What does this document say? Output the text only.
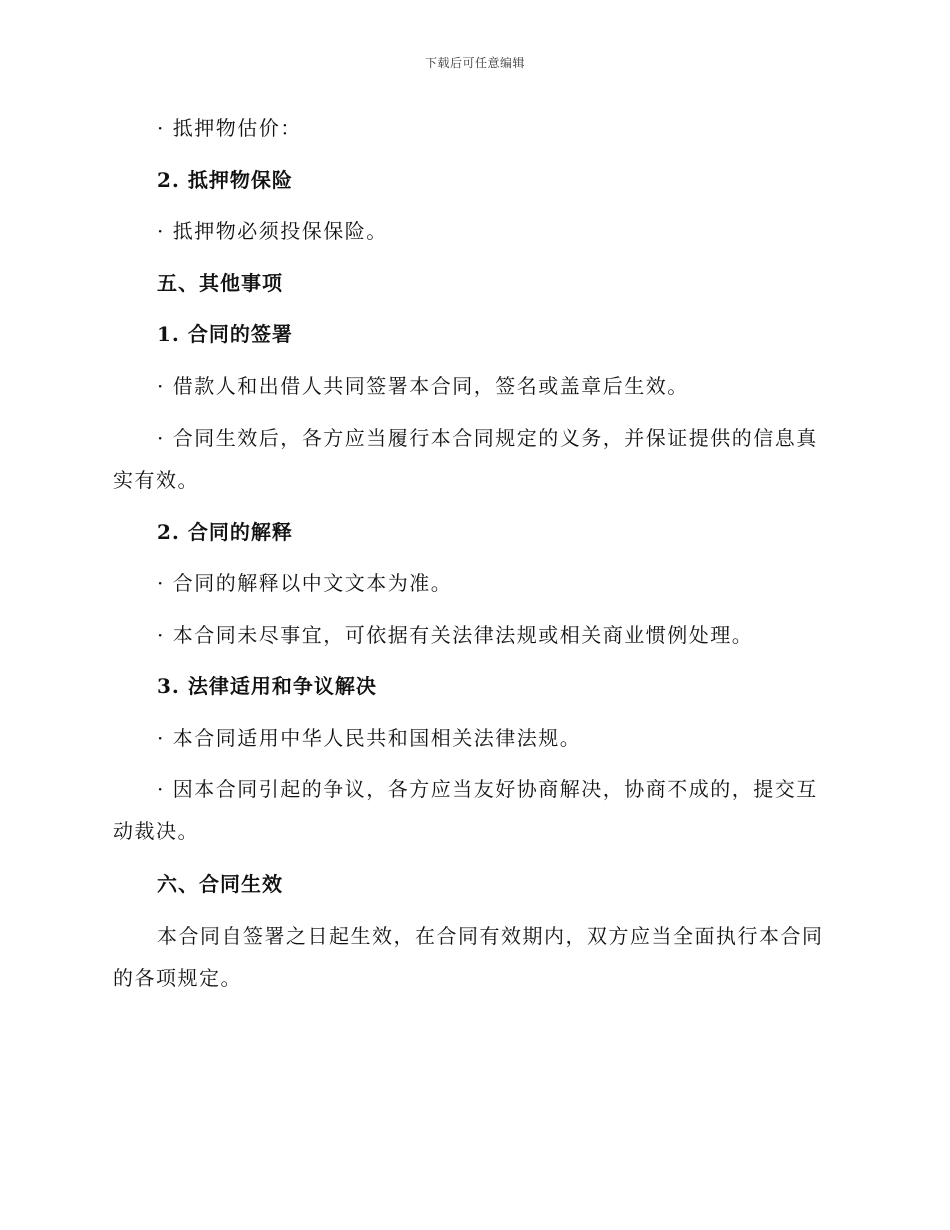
下载后可任意编辑
· 抵押物估价：
2. 抵押物保险
· 抵押物必须投保保险。
五、其他事项
1. 合同的签署
· 借款人和出借人共同签署本合同，签名或盖章后生效。
· 合同生效后，各方应当履行本合同规定的义务，并保证提供的信息真
实有效。
2. 合同的解释
· 合同的解释以中文文本为准。
· 本合同未尽事宜，可依据有关法律法规或相关商业惯例处理。
3. 法律适用和争议解决
· 本合同适用中华人民共和国相关法律法规。
· 因本合同引起的争议，各方应当友好协商解决，协商不成的，提交互
动裁决。
六、合同生效
本合同自签署之日起生效，在合同有效期内，双方应当全面执行本合同
的各项规定。
